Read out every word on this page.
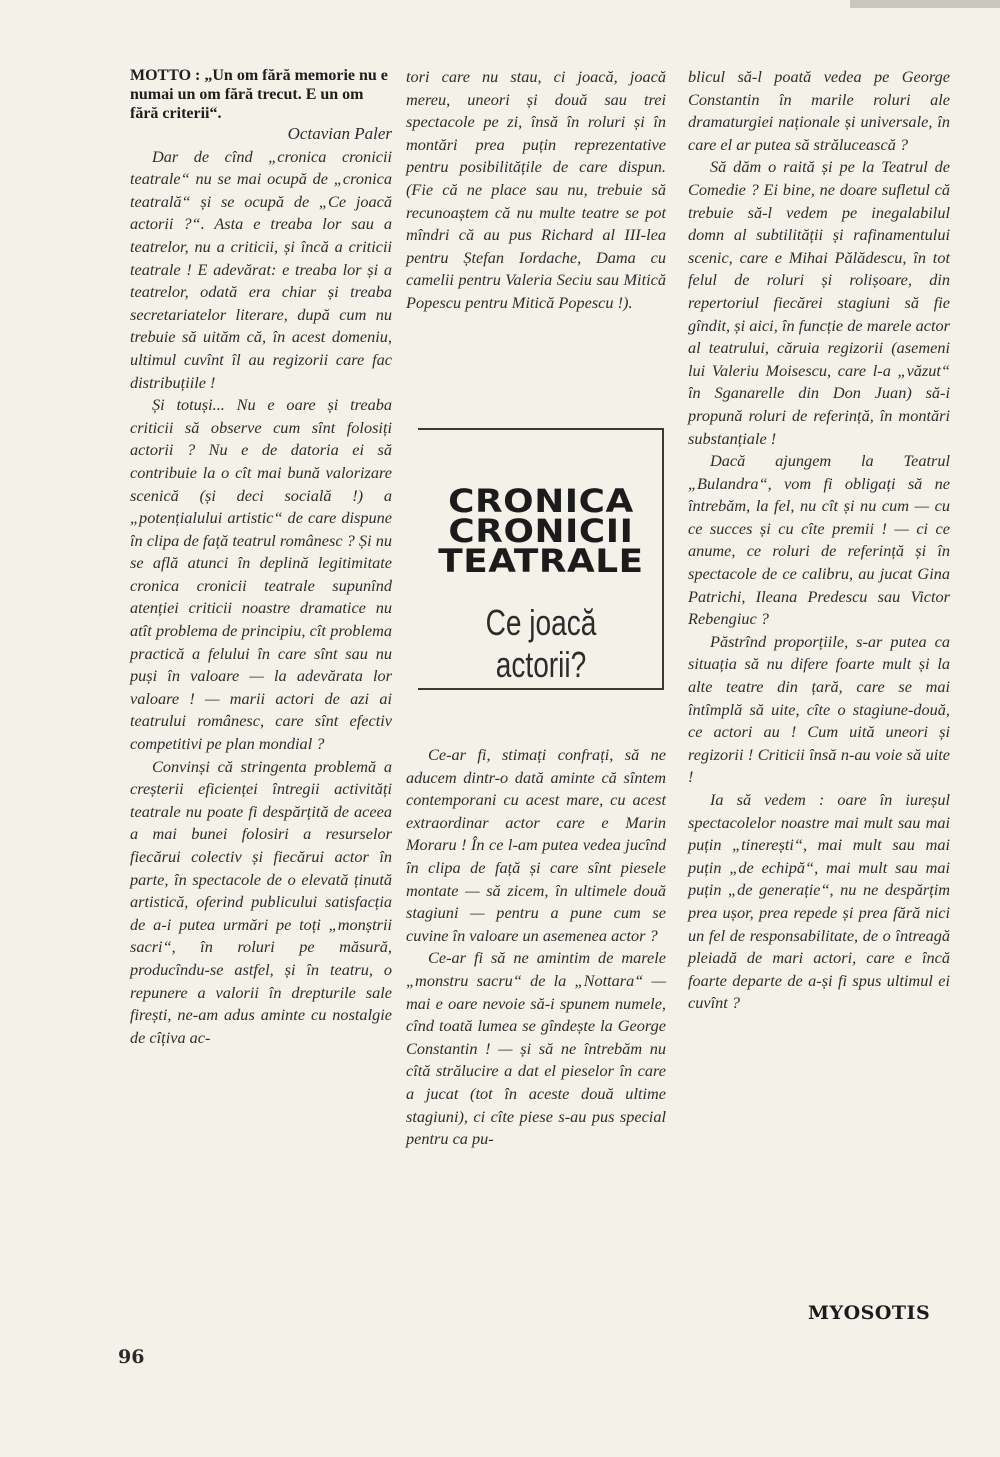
MOTTO : „Un om fără memorie nu e numai un om fără trecut. E un om fără criterii“.

Octavian Paler

Dar de cînd „cronica cronicii teatrale“ nu se mai ocupă de „cronica teatrală“ și se ocupă de „Ce joacă actorii ?“. Asta e treaba lor sau a teatrelor, nu a criticii, și încă a criticii teatrale ! E adevărat: e treaba lor și a teatrelor, odată era chiar și treaba secretariatelor literare, după cum nu trebuie să uităm că, în acest domeniu, ultimul cuvînt îl au regizorii care fac distribuțiile !

Și totuși... Nu e oare și treaba criticii să observe cum sînt folosiți actorii ? Nu e de datoria ei să contribuie la o cît mai bună valorizare scenică (și deci socială !) a „potențialului artistic“ de care dispune în clipa de față teatrul românesc ? Și nu se află atunci în deplină legitimitate cronica cronicii teatrale supunînd atenției criticii noastre dramatice nu atît problema de principiu, cît problema practică a felului în care sînt sau nu puși în valoare — la adevărata lor valoare ! — marii actori de azi ai teatrului românesc, care sînt efectiv competitivi pe plan mondial ?

Convinși că stringenta problemă a creșterii eficienței întregii activități teatrale nu poate fi despărțită de aceea a mai bunei folosiri a resurselor fiecărui colectiv și fiecărui actor în parte, în spectacole de o elevată ținută artistică, oferind publicului satisfacția de a-i putea urmări pe toți „monștrii sacri“, în roluri pe măsură, producîndu-se astfel, și în teatru, o repunere a valorii în drepturile sale firești, ne-am adus aminte cu nostalgie de cîțiva ac-

tori care nu stau, ci joacă, joacă mereu, uneori și două sau trei spectacole pe zi, însă în roluri și în montări prea puțin reprezentative pentru posibilitățile de care dispun. (Fie că ne place sau nu, trebuie să recunoaștem că nu multe teatre se pot mîndri că au pus Richard al III-lea pentru Ștefan Iordache, Dama cu camelii pentru Valeria Seciu sau Mitică Popescu pentru Mitică Popescu !).

CRONICA
CRONICII
TEATRALE
Ce joacă actorii?

Ce-ar fi, stimați confrați, să ne aducem dintr-o dată aminte că sîntem contemporani cu acest mare, cu acest extraordinar actor care e Marin Moraru ! În ce l-am putea vedea jucînd în clipa de față și care sînt piesele montate — să zicem, în ultimele două stagiuni — pentru a pune cum se cuvine în valoare un asemenea actor ?

Ce-ar fi să ne amintim de marele „monstru sacru“ de la „Nottara“ — mai e oare nevoie să-i spunem numele, cînd toată lumea se gîndește la George Constantin ! — și să ne întrebăm nu cîtă strălucire a dat el pieselor în care a jucat (tot în aceste două ultime stagiuni), ci cîte piese s-au pus special pentru ca pu-

blicul să-l poată vedea pe George Constantin în marile roluri ale dramaturgiei naționale și universale, în care el ar putea să strălucească ?

Să dăm o raită și pe la Teatrul de Comedie ? Ei bine, ne doare sufletul că trebuie să-l vedem pe inegalabilul domn al subtilității și rafinamentului scenic, care e Mihai Pălădescu, în tot felul de roluri și rolișoare, din repertoriul fiecărei stagiuni să fie gîndit, și aici, în funcție de marele actor al teatrului, căruia regizorii (asemeni lui Valeriu Moisescu, care l-a „văzut“ în Sganarelle din Don Juan) să-i propună roluri de referință, în montări substanțiale !

Dacă ajungem la Teatrul „Bulandra“, vom fi obligați să ne întrebăm, la fel, nu cît și nu cum — cu ce succes și cu cîte premii ! — ci ce anume, ce roluri de referință și în spectacole de ce calibru, au jucat Gina Patrichi, Ileana Predescu sau Victor Rebengiuc ?

Păstrînd proporțiile, s-ar putea ca situația să nu difere foarte mult și la alte teatre din țară, care se mai întîmplă să uite, cîte o stagiune-două, ce actori au ! Cum uită uneori și regizorii ! Criticii însă n-au voie să uite !

Ia să vedem : oare în iureșul spectacolelor noastre mai mult sau mai puțin „tinerești“, mai mult sau mai puțin „de echipă“, mai mult sau mai puțin „de generație“, nu ne despărțim prea ușor, prea repede și prea fără nici un fel de responsabilitate, de o întreagă pleiadă de mari actori, care e încă foarte departe de a-și fi spus ultimul ei cuvînt ?

MYOSOTIS
96
